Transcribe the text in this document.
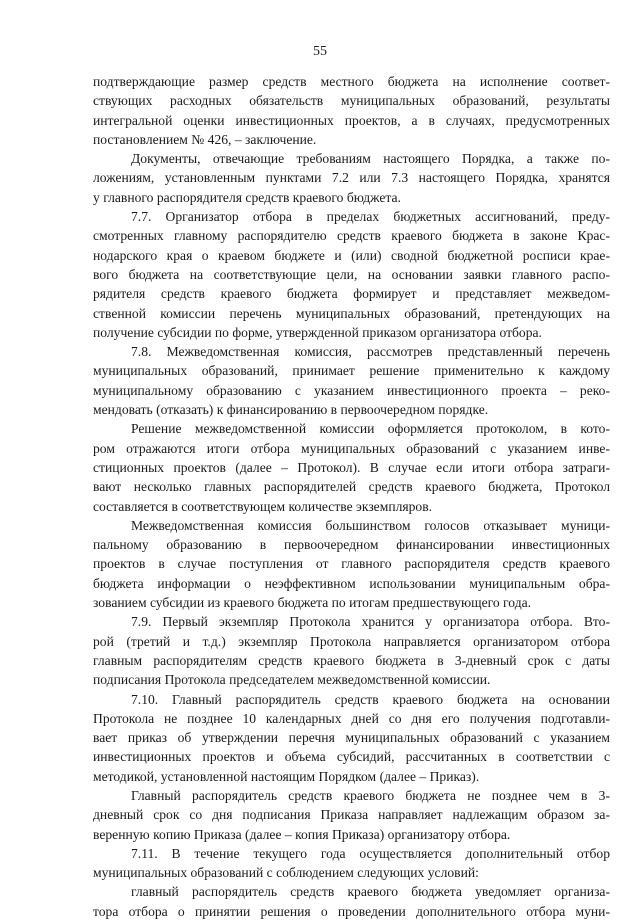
55
подтверждающие размер средств местного бюджета на исполнение соответ-
ствующих расходных обязательств муниципальных образований, результаты
интегральной оценки инвестиционных проектов, а в случаях, предусмотренных
постановлением № 426, – заключение.
Документы, отвечающие требованиям настоящего Порядка, а также по-
ложениям, установленным пунктами 7.2 или 7.3 настоящего Порядка, хранятся
у главного распорядителя средств краевого бюджета.
7.7. Организатор отбора в пределах бюджетных ассигнований, преду-
смотренных главному распорядителю средств краевого бюджета в законе Крас-
нодарского края о краевом бюджете и (или) сводной бюджетной росписи крае-
вого бюджета на соответствующие цели, на основании заявки главного распо-
рядителя средств краевого бюджета формирует и представляет межведом-
ственной комиссии перечень муниципальных образований, претендующих на
получение субсидии по форме, утвержденной приказом организатора отбора.
7.8. Межведомственная комиссия, рассмотрев представленный перечень
муниципальных образований, принимает решение применительно к каждому
муниципальному образованию с указанием инвестиционного проекта – реко-
мендовать (отказать) к финансированию в первоочередном порядке.
Решение межведомственной комиссии оформляется протоколом, в кото-
ром отражаются итоги отбора муниципальных образований с указанием инве-
стиционных проектов (далее – Протокол). В случае если итоги отбора затраги-
вают несколько главных распорядителей средств краевого бюджета, Протокол
составляется в соответствующем количестве экземпляров.
Межведомственная комиссия большинством голосов отказывает муници-
пальному образованию в первоочередном финансировании инвестиционных
проектов в случае поступления от главного распорядителя средств краевого
бюджета информации о неэффективном использовании муниципальным обра-
зованием субсидии из краевого бюджета по итогам предшествующего года.
7.9. Первый экземпляр Протокола хранится у организатора отбора. Вто-
рой (третий и т.д.) экземпляр Протокола направляется организатором отбора
главным распорядителям средств краевого бюджета в 3-дневный срок с даты
подписания Протокола председателем межведомственной комиссии.
7.10. Главный распорядитель средств краевого бюджета на основании
Протокола не позднее 10 календарных дней со дня его получения подготавли-
вает приказ об утверждении перечня муниципальных образований с указанием
инвестиционных проектов и объема субсидий, рассчитанных в соответствии с
методикой, установленной настоящим Порядком (далее – Приказ).
Главный распорядитель средств краевого бюджета не позднее чем в 3-
дневный срок со дня подписания Приказа направляет надлежащим образом за-
веренную копию Приказа (далее – копия Приказа) организатору отбора.
7.11. В течение текущего года осуществляется дополнительный отбор
муниципальных образований с соблюдением следующих условий:
главный распорядитель средств краевого бюджета уведомляет организа-
тора отбора о принятии решения о проведении дополнительного отбора муни-
